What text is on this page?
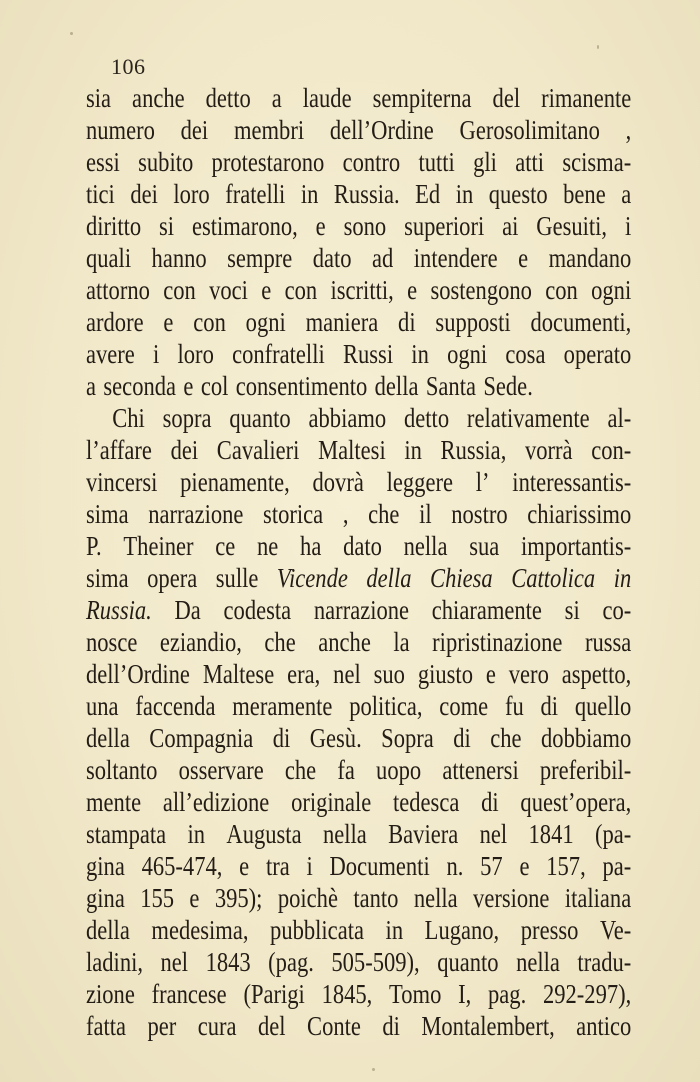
106
sia anche detto a laude sempiterna del rimanente
numero dei membri dell’Ordine Gerosolimitano ,
essi subito protestarono contro tutti gli atti scisma-
tici dei loro fratelli in Russia. Ed in questo bene a
diritto si estimarono, e sono superiori ai Gesuiti, i
quali hanno sempre dato ad intendere e mandano
attorno con voci e con iscritti, e sostengono con ogni
ardore e con ogni maniera di supposti documenti,
avere i loro confratelli Russi in ogni cosa operato
a seconda e col consentimento della Santa Sede.
Chi sopra quanto abbiamo detto relativamente al-
l’affare dei Cavalieri Maltesi in Russia, vorrà con-
vincersi pienamente, dovrà leggere l’ interessantis-
sima narrazione storica , che il nostro chiarissimo
P. Theiner ce ne ha dato nella sua importantis-
sima opera sulle Vicende della Chiesa Cattolica in
Russia. Da codesta narrazione chiaramente si co-
nosce eziandio, che anche la ripristinazione russa
dell’Ordine Maltese era, nel suo giusto e vero aspetto,
una faccenda meramente politica, come fu di quello
della Compagnia di Gesù. Sopra di che dobbiamo
soltanto osservare che fa uopo attenersi preferibil-
mente all’edizione originale tedesca di quest’opera,
stampata in Augusta nella Baviera nel 1841 (pa-
gina 465-474, e tra i Documenti n. 57 e 157, pa-
gina 155 e 395); poichè tanto nella versione italiana
della medesima, pubblicata in Lugano, presso Ve-
ladini, nel 1843 (pag. 505-509), quanto nella tradu-
zione francese (Parigi 1845, Tomo I, pag. 292-297),
fatta per cura del Conte di Montalembert, antico
